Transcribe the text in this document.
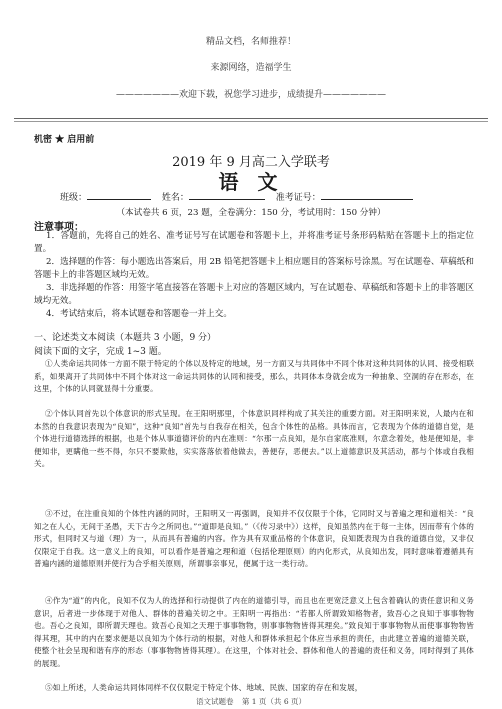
精品文档，名师推荐！
来源网络，造福学生
———————欢迎下载，祝您学习进步，成绩提升———————
机密 ★ 启用前
2019 年 9 月高二入学联考
语 文
班级：	姓名：	准考证号：
（本试卷共 6 页，23 题，全卷满分：150 分，考试用时：150 分钟）
注意事项：
1．答题前，先将自己的姓名、准考证号写在试题卷和答题卡上，并将准考证号条形码粘贴在答题卡上的指定位置。
2．选择题的作答：每小题选出答案后，用 2B 铅笔把答题卡上相应题目的答案标号涂黑。写在试题卷、草稿纸和答题卡上的非答题区域均无效。
3．非选择题的作答：用签字笔直接答在答题卡上对应的答题区域内，写在试题卷、草稿纸和答题卡上的非答题区域均无效。
4．考试结束后，将本试题卷和答题卷一并上交。
一、论述类文本阅读（本题共 3 小题，9 分）
阅读下面的文字，完成 1~3 题。
①人类命运共同体一方面不限于特定的个体以及特定的地域，另一方面又与共同体中不同个体对这种共同体的认同、接受相联系，如果离开了共同体中不同个体对这一命运共同体的认同和接受，那么，共同体本身就会成为一种抽象、空洞的存在形态，在这里，个体的认同就显得十分重要。
②个体认同首先以个体意识的形式呈现。在王阳明那里，个体意识同样构成了其关注的重要方面。对王阳明来说，人最内在和本然的自我意识表现为“良知”，这种“良知”首先与自我存在相关，包含个体性的品格。具体而言，它表现为个体的道德自觉，是个体进行道德选择的根据，也是个体从事道德评价的内在准则：“尔那一点良知，是尔自家底准则，尔意念着处，他是便知是，非便知非，更瞒他一些不得，尔只不要欺他，实实落落依着他做去，善便存，恶便去。”以上道德意识及其活动，都与个体或自我相关。
③不过，在注重良知的个体性内涵的同时，王阳明又一再强调，良知并不仅仅限于个体，它同时又与普遍之理和道相关：“良知之在人心，无间于圣愚，天下古今之所同也。”“道即是良知。”（《传习录中》）这样，良知虽然内在于每一主体，因而带有个体的形式，但同时又与道（理）为一，从而具有普遍的内容。作为具有双重品格的个体意识，良知既表现为自我的道德自觉，又非仅仅限定于自我。这一意义上的良知，可以看作是普遍之理和道（包括伦理原则）的内化形式，从良知出发，同时意味着遵循具有普遍内涵的道德原则并使行为合乎相关原则，所谓事亲事兄，便属于这一类行动。
④作为“道”的内化，良知不仅为人的选择和行动提供了内在的道德引导，而且也在更宽泛意义上包含着确认的责任意识和义务意识，后者进一步体现于对他人、群体的普遍关切之中。王阳明一再指出：“若都人所谓致知格物者，致吾心之良知于事事物物也。吾心之良知，即所谓天理也。致吾心良知之天理于事事物物，则事事物物皆得其理矣。”致良知于事事物物从而使事事物物皆得其理，其中的内在要求便是以良知为个体行动的根据，对他人和群体承担起个体应当承担的责任，由此建立普遍的道德关联，使整个社会呈现和谐有序的形态（事事物物皆得其理）。在这里，个体对社会、群体和他人的普遍的责任和义务，同时得到了具体的展现。
⑤如上所述，人类命运共同体同样不仅仅限定于特定个体、地域、民族、国家的存在和发展，
语文试题卷 第 1 页（共 6 页）
